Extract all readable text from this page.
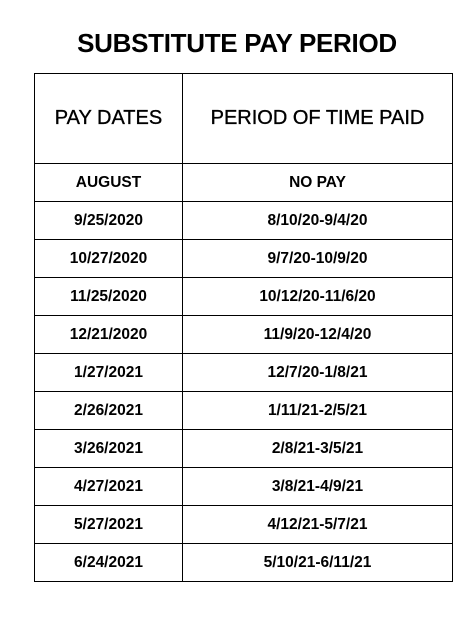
SUBSTITUTE PAY PERIOD
PAY DATES	PERIOD OF TIME PAID
AUGUST	NO PAY
9/25/2020	8/10/20-9/4/20
10/27/2020	9/7/20-10/9/20
11/25/2020	10/12/20-11/6/20
12/21/2020	11/9/20-12/4/20
1/27/2021	12/7/20-1/8/21
2/26/2021	1/11/21-2/5/21
3/26/2021	2/8/21-3/5/21
4/27/2021	3/8/21-4/9/21
5/27/2021	4/12/21-5/7/21
6/24/2021	5/10/21-6/11/21
